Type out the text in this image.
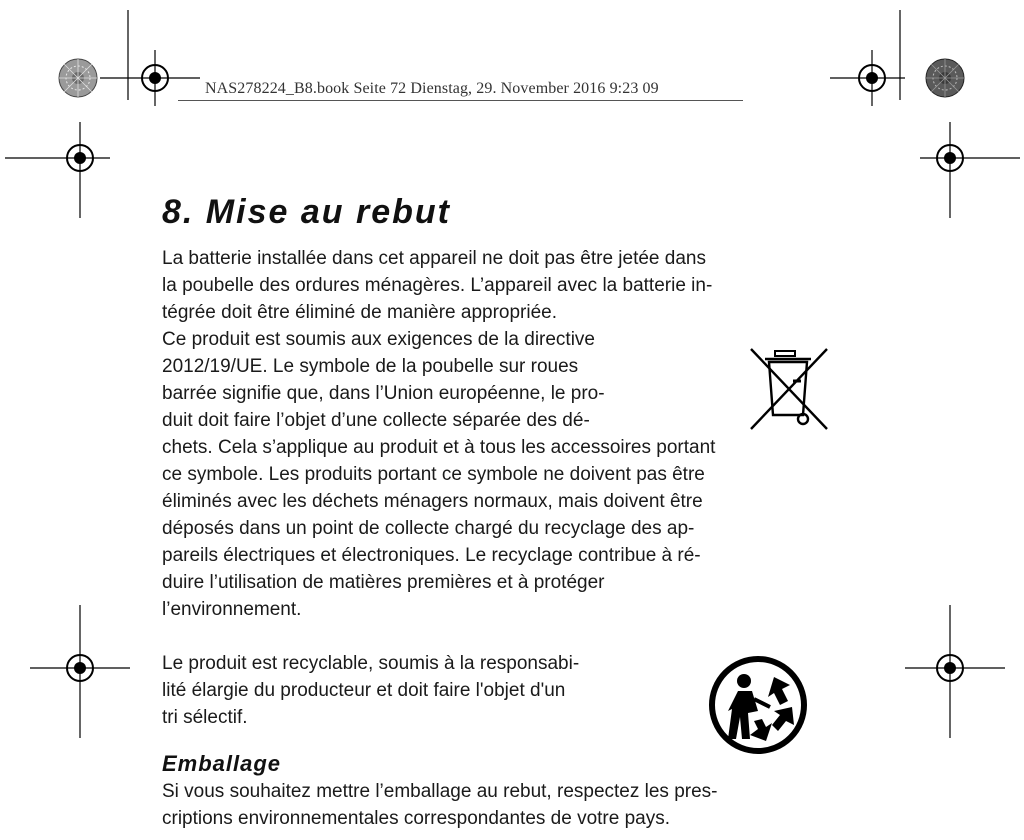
NAS278224_B8.book Seite 72 Dienstag, 29. November 2016 9:23 09
8. Mise au rebut
La batterie installée dans cet appareil ne doit pas être jetée dans
la poubelle des ordures ménagères. L’appareil avec la batterie in-
tégrée doit être éliminé de manière appropriée.
Ce produit est soumis aux exigences de la directive
2012/19/UE. Le symbole de la poubelle sur roues
barrée signifie que, dans l’Union européenne, le pro-
duit doit faire l’objet d’une collecte séparée des dé-
chets. Cela s’applique au produit et à tous les accessoires portant
ce symbole. Les produits portant ce symbole ne doivent pas être
éliminés avec les déchets ménagers normaux, mais doivent être
déposés dans un point de collecte chargé du recyclage des ap-
pareils électriques et électroniques. Le recyclage contribue à ré-
duire l’utilisation de matières premières et à protéger
l’environnement.
Le produit est recyclable, soumis à la responsabi-
lité élargie du producteur et doit faire l'objet d'un
tri sélectif.
Emballage
Si vous souhaitez mettre l’emballage au rebut, respectez les pres-
criptions environnementales correspondantes de votre pays.
